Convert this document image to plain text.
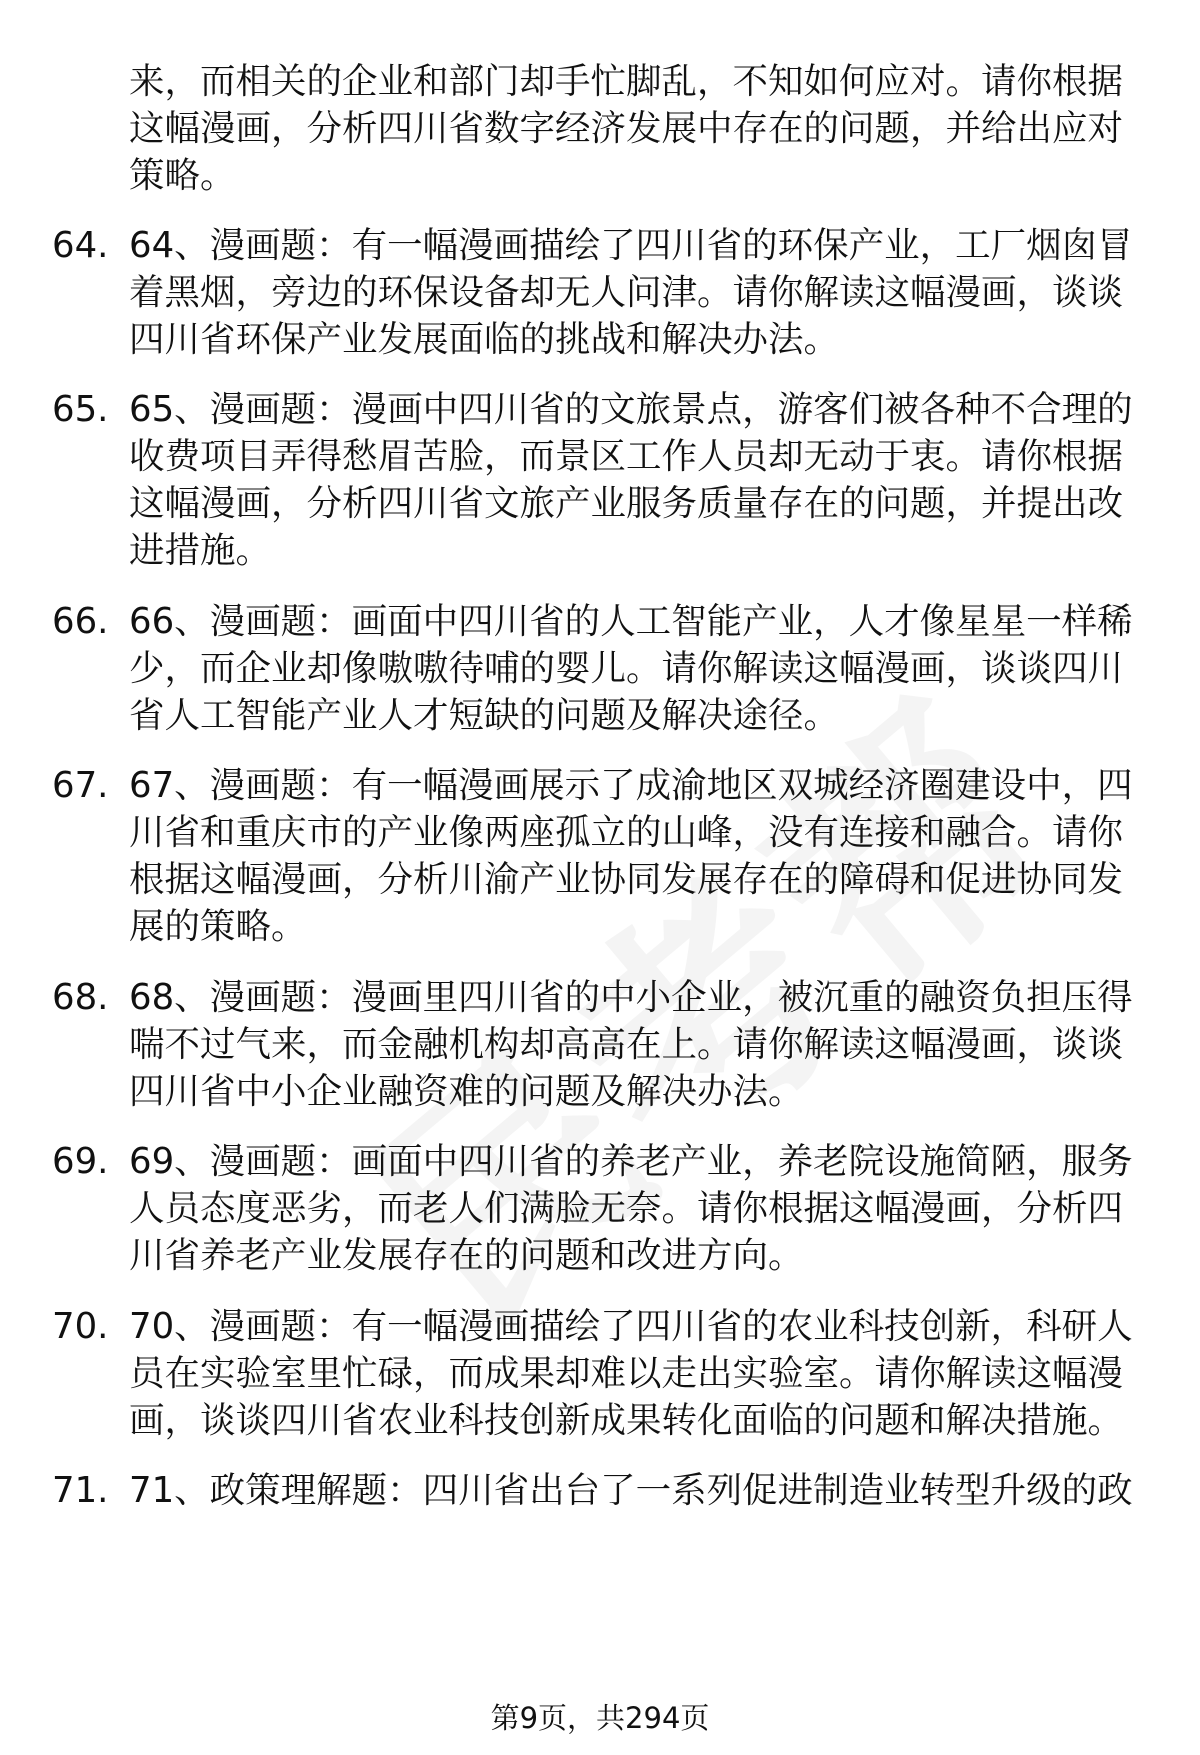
来，而相关的企业和部门却手忙脚乱，不知如何应对。请你根据这幅漫画，分析四川省数字经济发展中存在的问题，并给出应对策略。

64. 64、漫画题：有一幅漫画描绘了四川省的环保产业，工厂烟囱冒着黑烟，旁边的环保设备却无人问津。请你解读这幅漫画，谈谈四川省环保产业发展面临的挑战和解决办法。

65. 65、漫画题：漫画中四川省的文旅景点，游客们被各种不合理的收费项目弄得愁眉苦脸，而景区工作人员却无动于衷。请你根据这幅漫画，分析四川省文旅产业服务质量存在的问题，并提出改进措施。

66. 66、漫画题：画面中四川省的人工智能产业，人才像星星一样稀少，而企业却像嗷嗷待哺的婴儿。请你解读这幅漫画，谈谈四川省人工智能产业人才短缺的问题及解决途径。

67. 67、漫画题：有一幅漫画展示了成渝地区双城经济圈建设中，四川省和重庆市的产业像两座孤立的山峰，没有连接和融合。请你根据这幅漫画，分析川渝产业协同发展存在的障碍和促进协同发展的策略。

68. 68、漫画题：漫画里四川省的中小企业，被沉重的融资负担压得喘不过气来，而金融机构却高高在上。请你解读这幅漫画，谈谈四川省中小企业融资难的问题及解决办法。

69. 69、漫画题：画面中四川省的养老产业，养老院设施简陋，服务人员态度恶劣，而老人们满脸无奈。请你根据这幅漫画，分析四川省养老产业发展存在的问题和改进方向。

70. 70、漫画题：有一幅漫画描绘了四川省的农业科技创新，科研人员在实验室里忙碌，而成果却难以走出实验室。请你解读这幅漫画，谈谈四川省农业科技创新成果转化面临的问题和解决措施。

71. 71、政策理解题：四川省出台了一系列促进制造业转型升级的政

第9页，共294页
